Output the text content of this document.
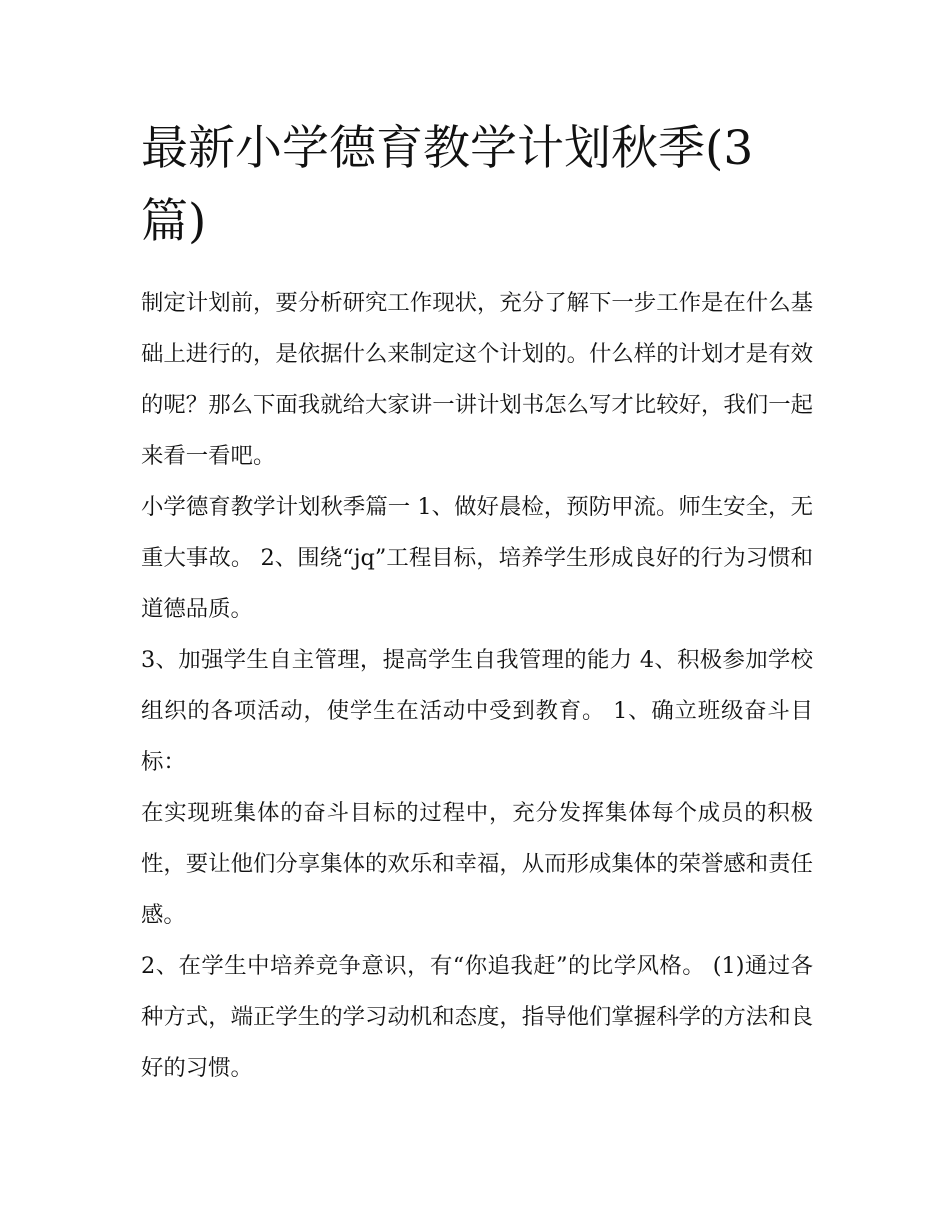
最新小学德育教学计划秋季(3篇)

制定计划前，要分析研究工作现状，充分了解下一步工作是在什么基础上进行的，是依据什么来制定这个计划的。什么样的计划才是有效的呢？那么下面我就给大家讲一讲计划书怎么写才比较好，我们一起来看一看吧。

小学德育教学计划秋季篇一 1、做好晨检，预防甲流。师生安全，无重大事故。 2、围绕“jq”工程目标，培养学生形成良好的行为习惯和道德品质。

3、加强学生自主管理，提高学生自我管理的能力 4、积极参加学校组织的各项活动，使学生在活动中受到教育。 1、确立班级奋斗目标：

在实现班集体的奋斗目标的过程中，充分发挥集体每个成员的积极性，要让他们分享集体的欢乐和幸福，从而形成集体的荣誉感和责任感。

2、在学生中培养竞争意识，有“你追我赶”的比学风格。 (1)通过各种方式，端正学生的学习动机和态度，指导他们掌握科学的方法和良好的习惯。
